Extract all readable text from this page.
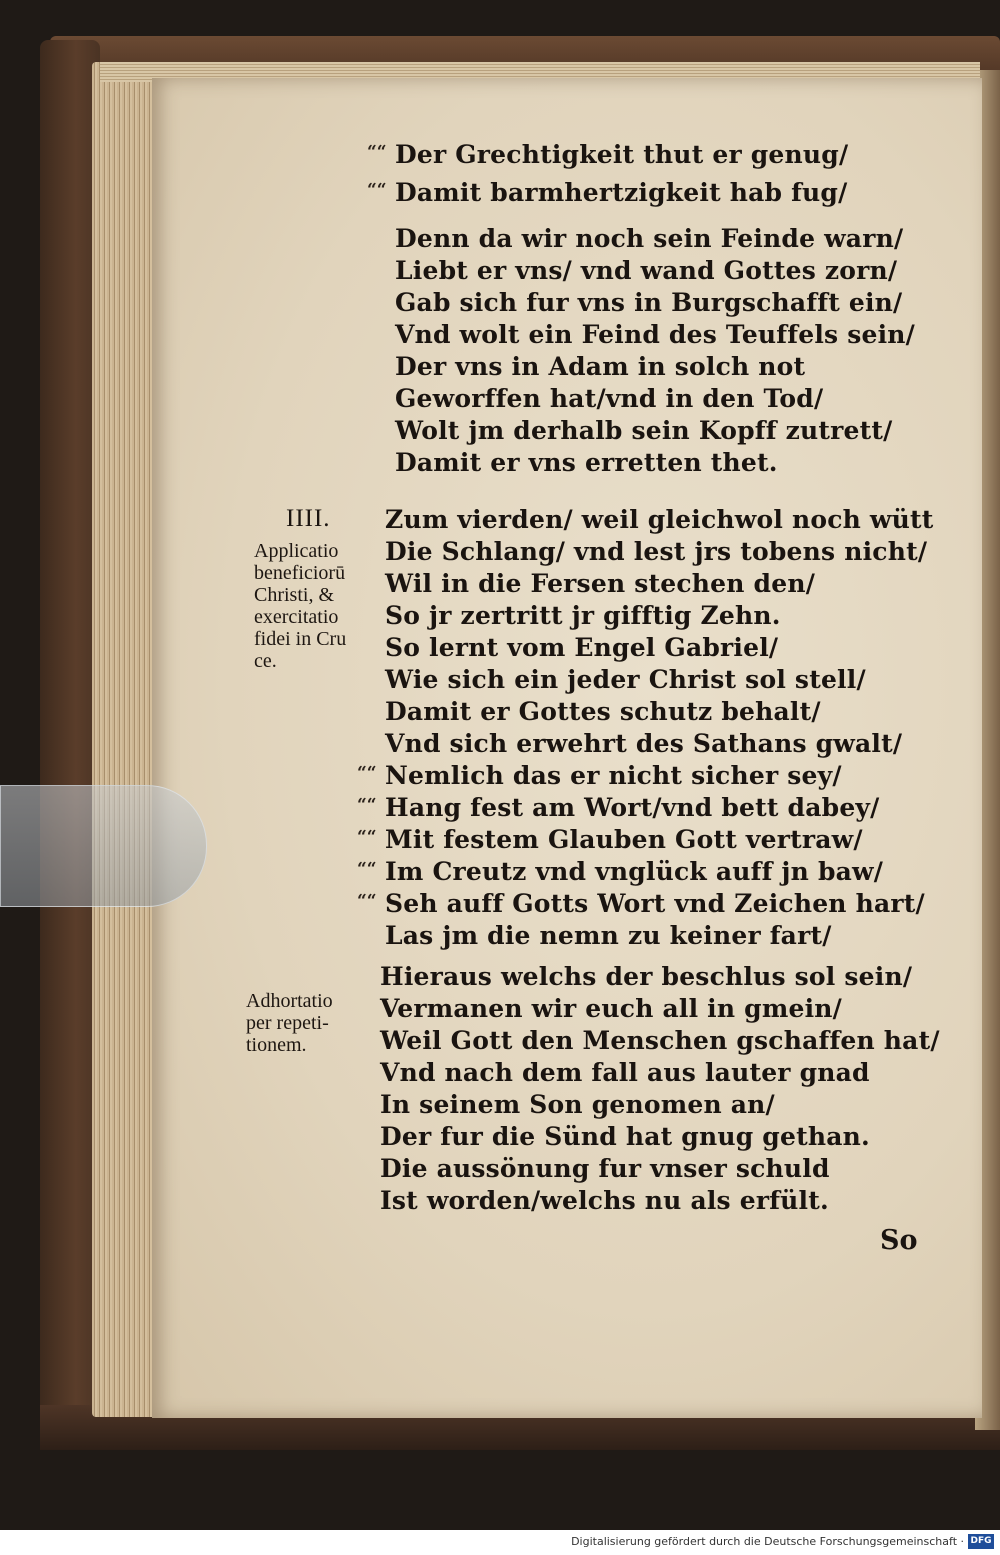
““ Der Grechtigkeit thut er genug/
““ Damit barmhertzigkeit hab fug/
Denn da wir noch sein Feinde warn/
Liebt er vns/ vnd wand Gottes zorn/
Gab sich fur vns in Burgschafft ein/
Vnd wolt ein Feind des Teuffels sein/
Der vns in Adam in solch not
Geworffen hat/vnd in den Tod/
Wolt jm derhalb sein Kopff zutrett/
Damit er vns erretten thet.
Zum vierden/ weil gleichwol noch wütt
Die Schlang/ vnd lest jrs tobens nicht/
Wil in die Fersen stechen den/
So jr zertritt jr gifftig Zehn.
So lernt vom Engel Gabriel/
Wie sich ein jeder Christ sol stell/
Damit er Gottes schutz behalt/
Vnd sich erwehrt des Sathans gwalt/
““ Nemlich das er nicht sicher sey/
““ Hang fest am Wort/vnd bett dabey/
““ Mit festem Glauben Gott vertraw/
““ Im Creutz vnd vnglück auff jn baw/
““ Seh auff Gotts Wort vnd Zeichen hart/
Las jm die nemn zu keiner fart/
Hieraus welchs der beschlus sol sein/
Vermanen wir euch all in gmein/
Weil Gott den Menschen gschaffen hat/
Vnd nach dem fall aus lauter gnad
In seinem Son genomen an/
Der fur die Sünd hat gnug gethan.
Die aussönung fur vnser schuld
Ist worden/welchs nu als erfült.
IIII.
Applicatio
beneficiorū
Christi, &
exercitatio
fidei in Cru
ce.
Adhortatio
per repeti-
tionem.
So
Digitalisierung gefördert durch die Deutsche Forschungsgemeinschaft · DFG
